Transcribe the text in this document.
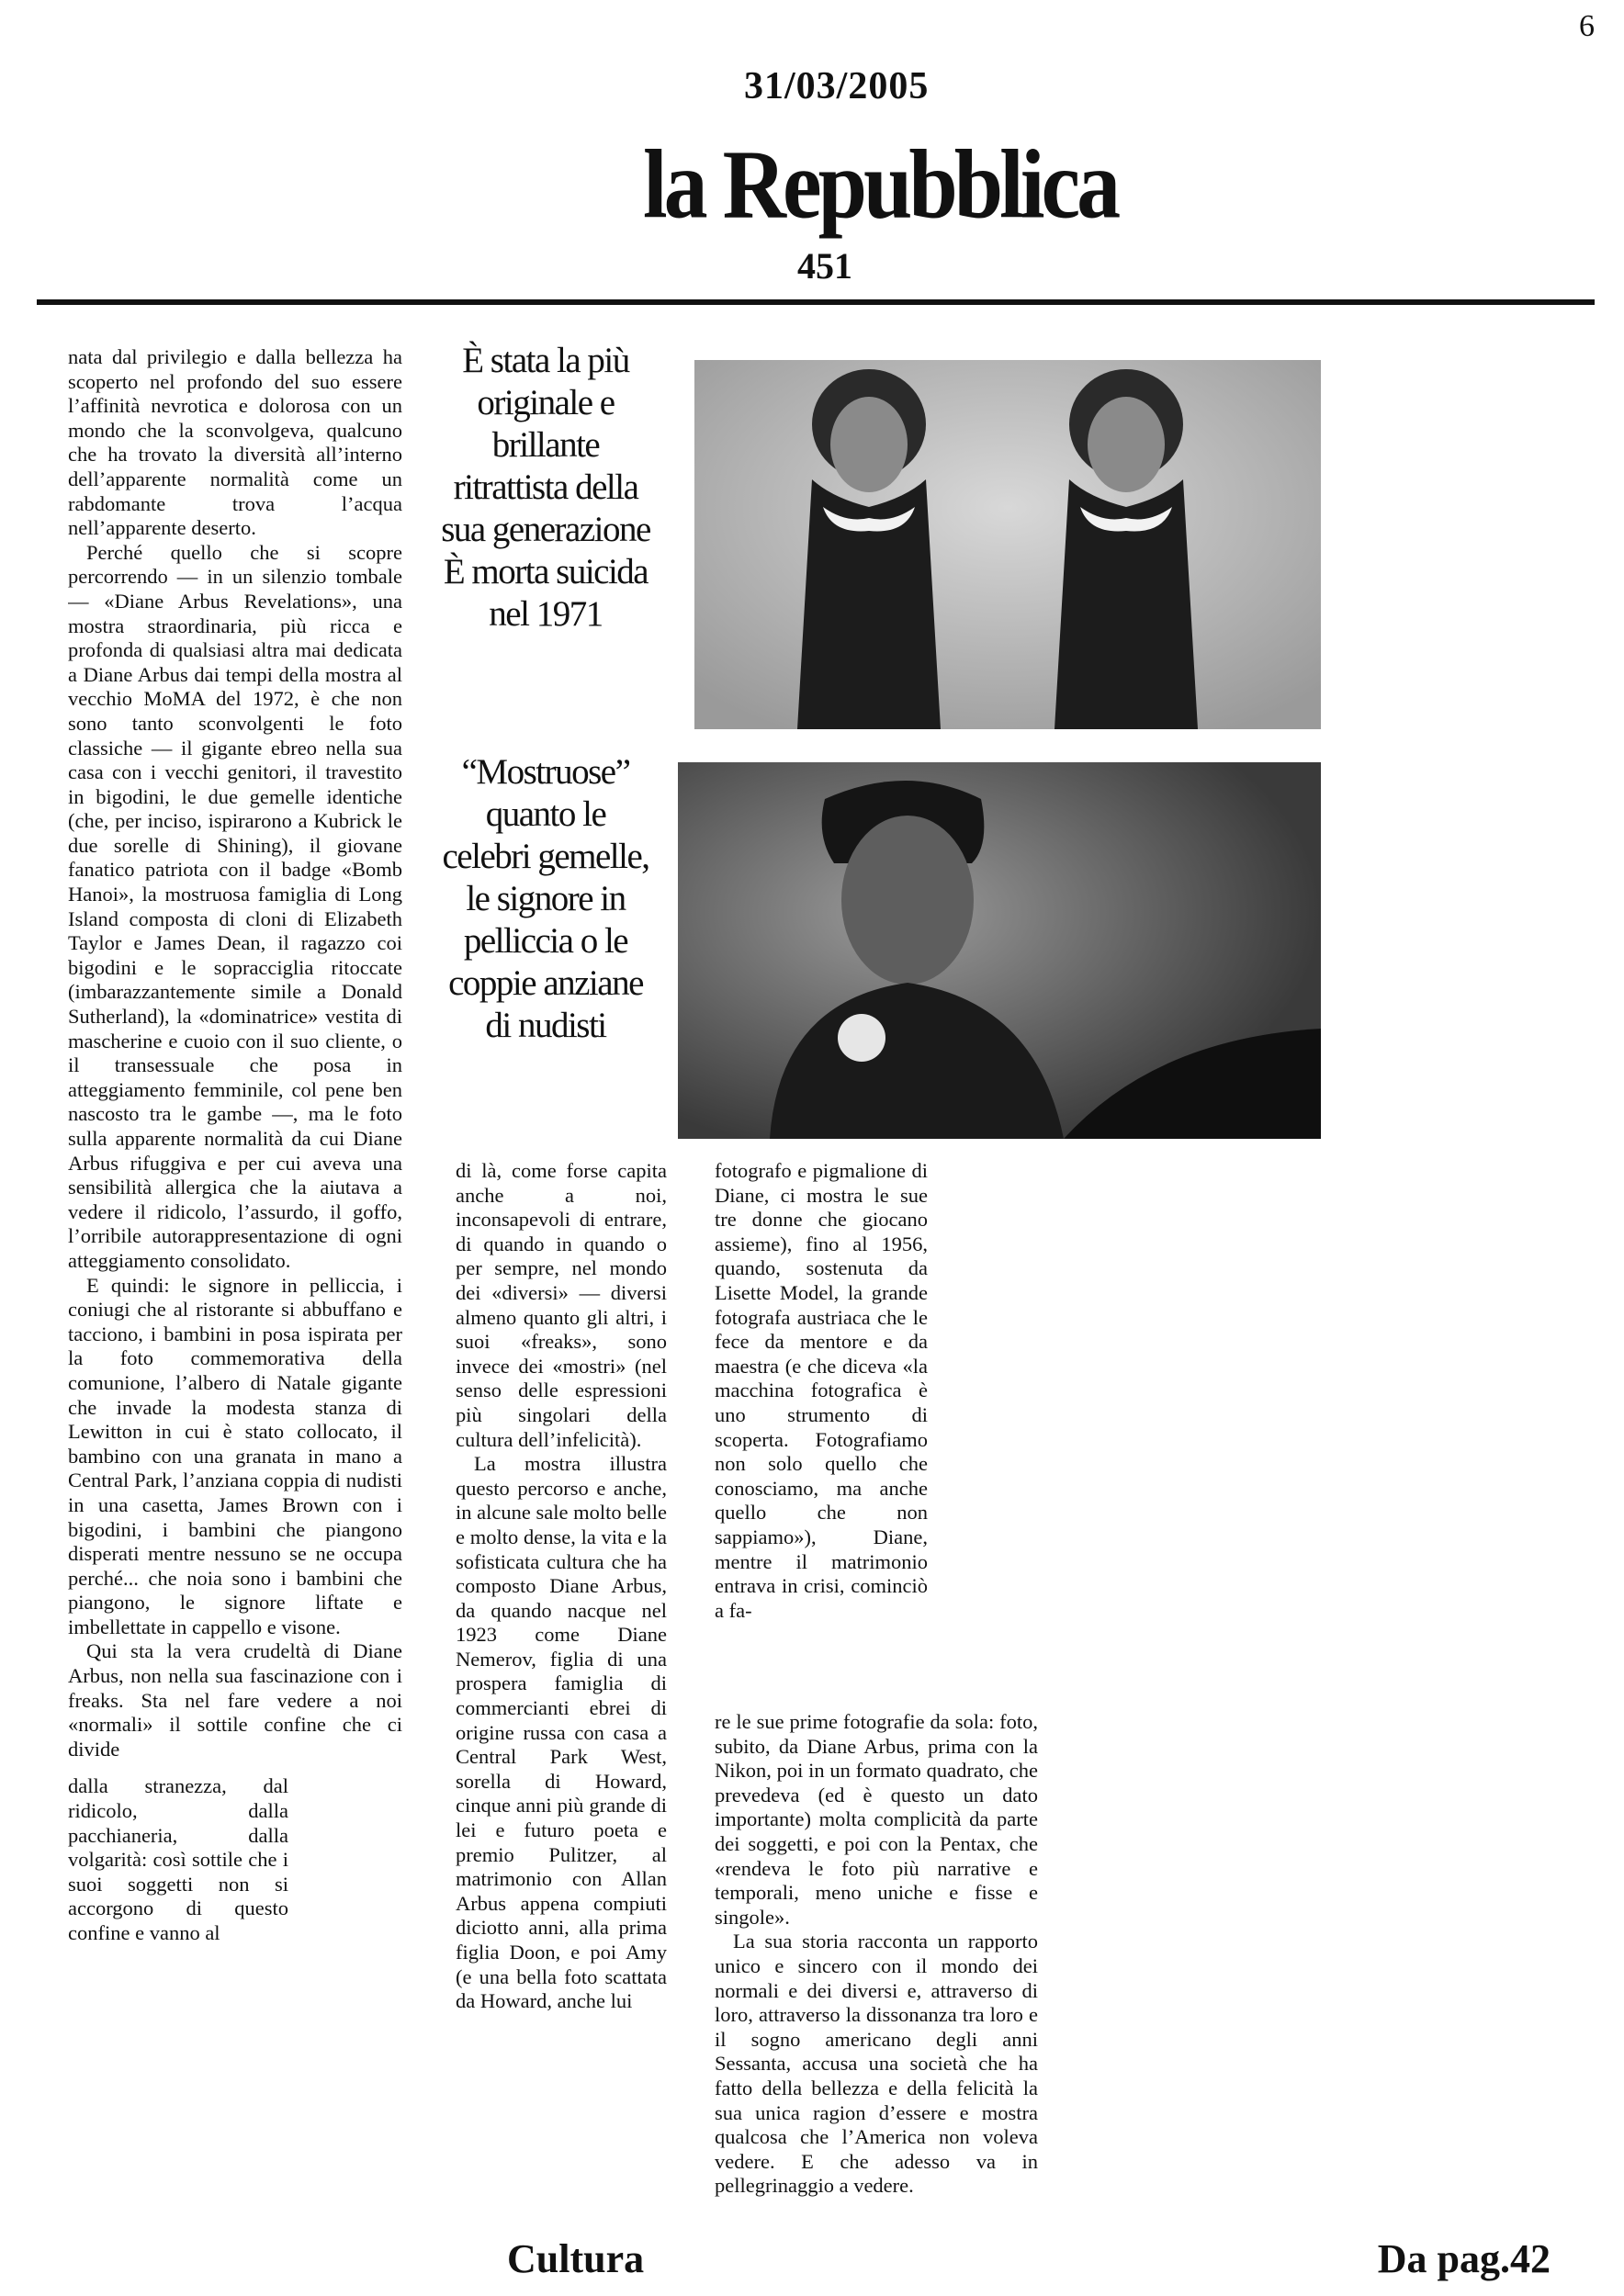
6
31/03/2005
la Repubblica
451

nata dal privilegio e dalla bellezza ha scoperto nel profondo del suo essere l’affinità nevrotica e dolorosa con un mondo che la sconvolgeva, qualcuno che ha trovato la diversità all’interno dell’apparente normalità come un rabdomante trova l’acqua nell’apparente deserto.

Perché quello che si scopre percorrendo — in un silenzio tombale — «Diane Arbus Revelations», una mostra straordinaria, più ricca e profonda di qualsiasi altra mai dedicata a Diane Arbus dai tempi della mostra al vecchio MoMA del 1972, è che non sono tanto sconvolgenti le foto classiche — il gigante ebreo nella sua casa con i vecchi genitori, il travestito in bigodini, le due gemelle identiche (che, per inciso, ispirarono a Kubrick le due sorelle di Shining), il giovane fanatico patriota con il badge «Bomb Hanoi», la mostruosa famiglia di Long Island composta di cloni di Elizabeth Taylor e James Dean, il ragazzo coi bigodini e le sopracciglia ritoccate (imbarazzantemente simile a Donald Sutherland), la «dominatrice» vestita di mascherine e cuoio con il suo cliente, o il transessuale che posa in atteggiamento femminile, col pene ben nascosto tra le gambe —, ma le foto sulla apparente normalità da cui Diane Arbus rifuggiva e per cui aveva una sensibilità allergica che la aiutava a vedere il ridicolo, l’assurdo, il goffo, l’orribile autorappresentazione di ogni atteggiamento consolidato.

E quindi: le signore in pelliccia, i coniugi che al ristorante si abbuffano e tacciono, i bambini in posa ispirata per la foto commemorativa della comunione, l’albero di Natale gigante che invade la modesta stanza di Lewitton in cui è stato collocato, il bambino con una granata in mano a Central Park, l’anziana coppia di nudisti in una casetta, James Brown con i bigodini, i bambini che piangono disperati mentre nessuno se ne occupa perché... che noia sono i bambini che piangono, le signore liftate e imbellettate in cappello e visone.

Qui sta la vera crudeltà di Diane Arbus, non nella sua fascinazione con i freaks. Sta nel fare vedere a noi «normali» il sottile confine che ci divide

dalla stranezza, dal ridicolo, dalla pacchianeria, dalla volgarità: così sottile che i suoi soggetti non si accorgono di questo confine e vanno al

È stata la più originale e brillante ritrattista della sua generazione È morta suicida nel 1971
“Mostruose” quanto le celebri gemelle, le signore in pelliccia o le coppie anziane di nudisti

di là, come forse capita anche a noi, inconsapevoli di entrare, di quando in quando o per sempre, nel mondo dei «diversi» — diversi almeno quanto gli altri, i suoi «freaks», sono invece dei «mostri» (nel senso delle espressioni più singolari della cultura dell’infelicità).

La mostra illustra questo percorso e anche, in alcune sale molto belle e molto dense, la vita e la sofisticata cultura che ha composto Diane Arbus, da quando nacque nel 1923 come Diane Nemerov, figlia di una prospera famiglia di commercianti ebrei di origine russa con casa a Central Park West, sorella di Howard, cinque anni più grande di lei e futuro poeta e premio Pulitzer, al matrimonio con Allan Arbus appena compiuti diciotto anni, alla prima figlia Doon, e poi Amy (e una bella foto scattata da Howard, anche lui

fotografo e pigmalione di Diane, ci mostra le sue tre donne che giocano assieme), fino al 1956, quando, sostenuta da Lisette Model, la grande fotografa austriaca che le fece da mentore e da maestra (e che diceva «la macchina fotografica è uno strumento di scoperta. Fotografiamo non solo quello che conosciamo, ma anche quello che non sappiamo»), Diane, mentre il matrimonio entrava in crisi, cominciò a fa-

re le sue prime fotografie da sola: foto, subito, da Diane Arbus, prima con la Nikon, poi in un formato quadrato, che prevedeva (ed è questo un dato importante) molta complicità da parte dei soggetti, e poi con la Pentax, che «rendeva le foto più narrative e temporali, meno uniche e fisse e singole».

La sua storia racconta un rapporto unico e sincero con il mondo dei normali e dei diversi e, attraverso di loro, attraverso la dissonanza tra loro e il sogno americano degli anni Sessanta, accusa una società che ha fatto della bellezza e della felicità la sua unica ragion d’essere e mostra qualcosa che l’America non voleva vedere. E che adesso va in pellegrinaggio a vedere.

Cultura	Da pag.42
